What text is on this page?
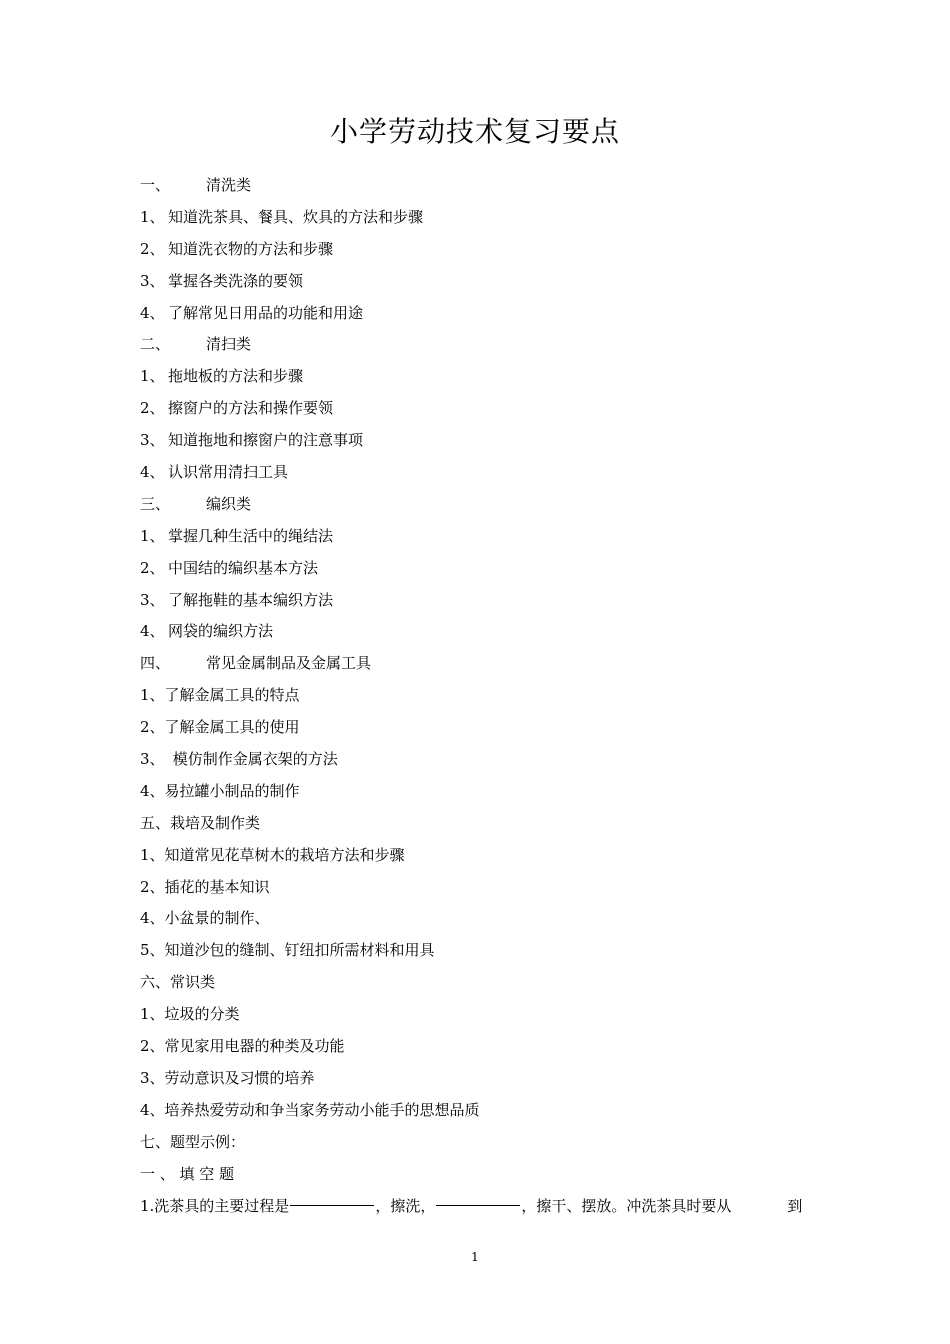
小学劳动技术复习要点
一、 清洗类
1、 知道洗茶具、餐具、炊具的方法和步骤
2、 知道洗衣物的方法和步骤
3、 掌握各类洗涤的要领
4、 了解常见日用品的功能和用途
二、 清扫类
1、 拖地板的方法和步骤
2、 擦窗户的方法和操作要领
3、 知道拖地和擦窗户的注意事项
4、 认识常用清扫工具
三、 编织类
1、 掌握几种生活中的绳结法
2、 中国结的编织基本方法
3、 了解拖鞋的基本编织方法
4、 网袋的编织方法
四、 常见金属制品及金属工具
1、了解金属工具的特点
2、了解金属工具的使用
3、 模仿制作金属衣架的方法
4、易拉罐小制品的制作
五、栽培及制作类
1、知道常见花草树木的栽培方法和步骤
2、插花的基本知识
4、小盆景的制作、
5、知道沙包的缝制、钉纽扣所需材料和用具
六、常识类
1、垃圾的分类
2、常见家用电器的种类及功能
3、劳动意识及习惯的培养
4、培养热爱劳动和争当家务劳动小能手的思想品质
七、题型示例：
一 、 填 空 题
1.洗茶具的主要过程是	，擦洗，	，擦干、摆放。冲洗茶具时要从	到
1
